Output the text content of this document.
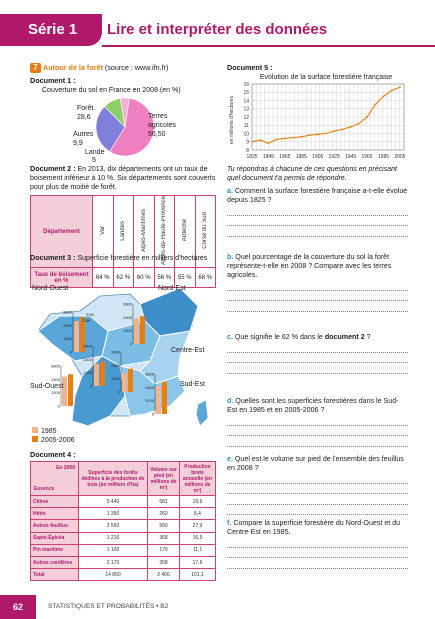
Série 1	Lire et interpréter des données
7 Autour de la forêt (source : www.ifn.fr)
Document 1 :
Couverture du sol en France en 2008 (en %)
Forêt
28,6
Autres
9,9
Lande
5
Terres
agricoles
56,50
Document 2 : En 2013, dix départements ont un taux de boisement inférieur à 10 %. Six départements sont couverts pour plus de moitié de forêt.
Département	Var	Landes	Alpes-Maritimes	Alpes-de-Haute-Provence	Ardèche	Corse du Sud
Taux de boisement en %	64 %	62 %	60 %	56 %	55 %	68 %
Document 3 : Superficie forestière en milliers d'hectares
3600
2400
1200
0
3600
2400
1200
0
3600
2400
1200
0
3600
2400
1200
0
3600
2400
1200
0
3600
2400
1200
0
3140
2780
Nord-Ouest	Nord-Est
Centre-Est
Sud-Ouest	Sud-Est
1985
2005-2006
Document 4 :
En 2008
Essence	Superficie des forêts dédiées à la production de bois (en milliers d'ha)	Volume sur pied (en millions de m³)	Production brute annuelle (en millions de m³)
Chêne	5 440	681	19,6
Hêtre	1 390	260	8,4
Autres feuillus	3 550	560	27,9
Sapin-Épicéa	1 210	368	16,5
Pin maritime	1 100	179	11,1
Autres conifères	2 170	358	17,6
Total	14 860	2 406	101,1
Document 5 :
Evolution de la surface forestière française
en millions d'hectares
8
9
10
11
12
13
14
15
16
1825 1845 1865 1885 1905 1925 1945 1965 1985 2005
Tu répondras à chacune de ces questions en précisant quel document t'a permis de répondre.
a. Comment la surface forestière française a-t-elle évolué depuis 1825 ?
b. Quel pourcentage de la couverture du sol la forêt représente-t-elle en 2008 ? Compare avec les terres agricoles.
c. Que signifie le 62 % dans le document 2 ?
d. Quelles sont les superficies forestières dans le Sud-Est en 1985 et en 2005-2006 ?
e. Quel est le volume sur pied de l'ensemble des feuillus en 2008 ?
f. Compare la superficie forestière du Nord-Ouest et du Centre-Est en 1985.
62	STATISTIQUES ET PROBABILITÉS • B2
